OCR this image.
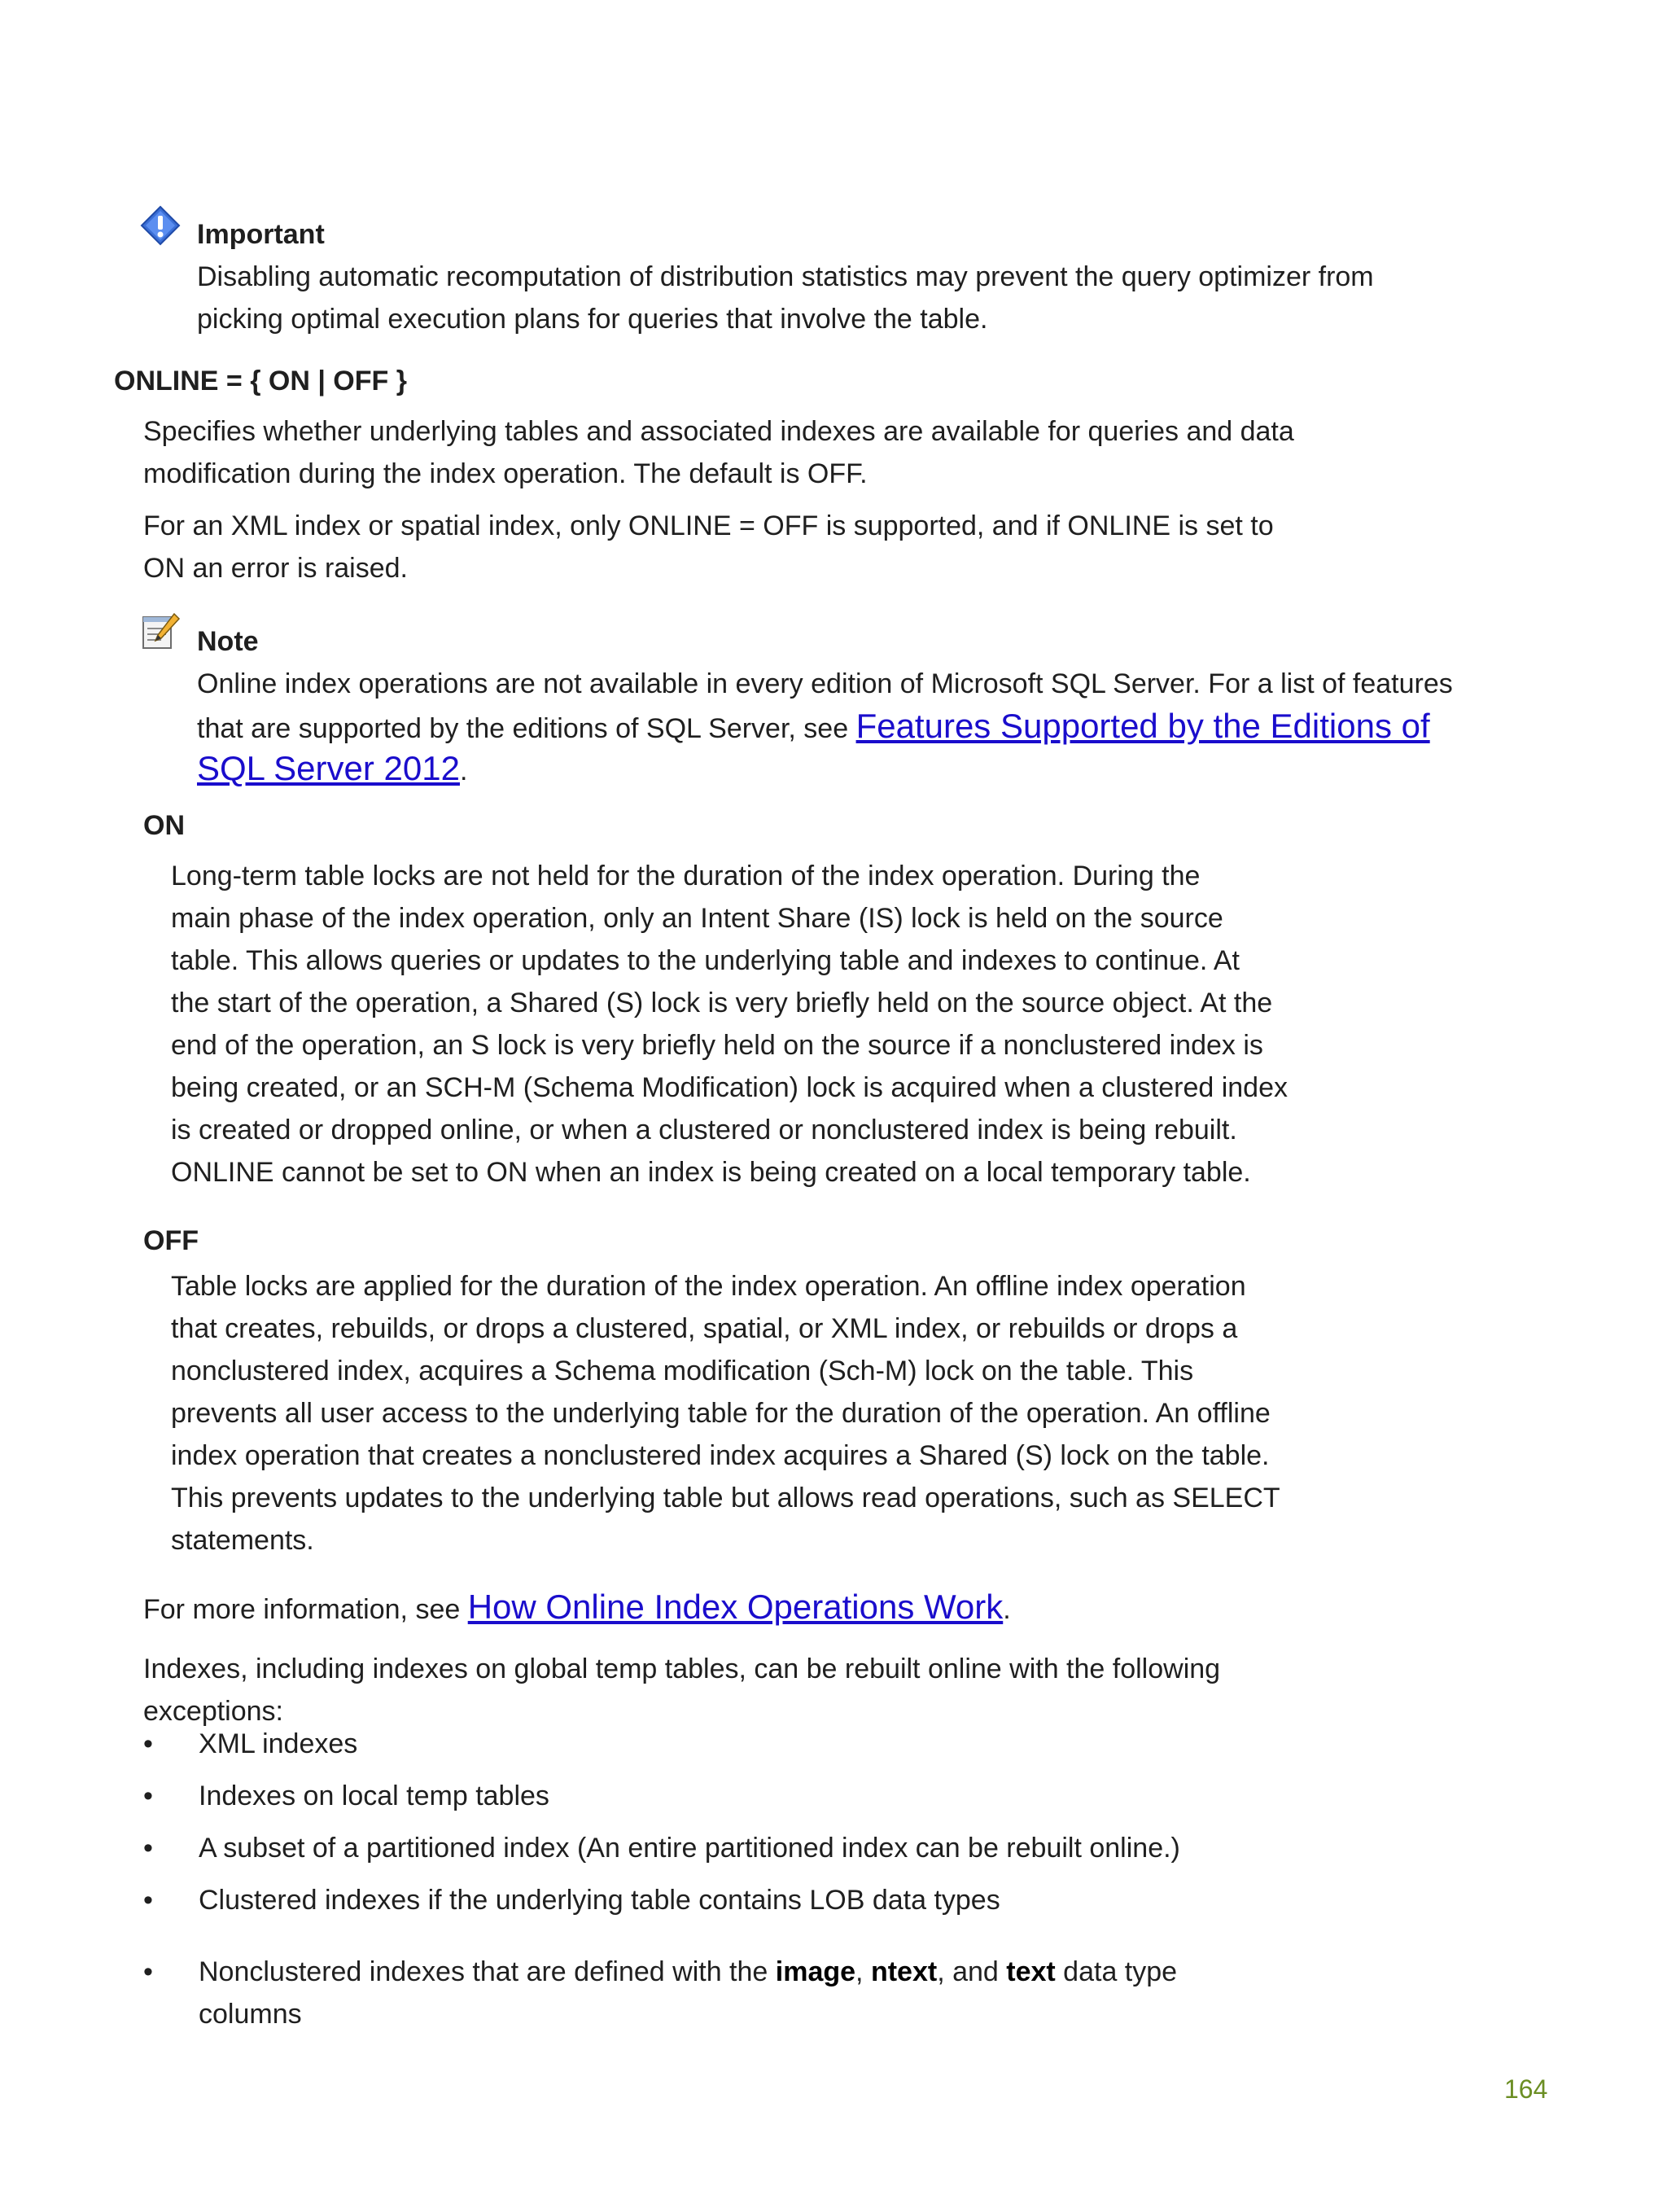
Important
Disabling automatic recomputation of distribution statistics may prevent the query optimizer from
picking optimal execution plans for queries that involve the table.
ONLINE = { ON | OFF }
Specifies whether underlying tables and associated indexes are available for queries and data
modification during the index operation. The default is OFF.
For an XML index or spatial index, only ONLINE = OFF is supported, and if ONLINE is set to
ON an error is raised.
Note
Online index operations are not available in every edition of Microsoft SQL Server. For a list of features
that are supported by the editions of SQL Server, see Features Supported by the Editions of
SQL Server 2012.
ON
Long-term table locks are not held for the duration of the index operation. During the
main phase of the index operation, only an Intent Share (IS) lock is held on the source
table. This allows queries or updates to the underlying table and indexes to continue. At
the start of the operation, a Shared (S) lock is very briefly held on the source object. At the
end of the operation, an S lock is very briefly held on the source if a nonclustered index is
being created, or an SCH-M (Schema Modification) lock is acquired when a clustered index
is created or dropped online, or when a clustered or nonclustered index is being rebuilt.
ONLINE cannot be set to ON when an index is being created on a local temporary table.
OFF
Table locks are applied for the duration of the index operation. An offline index operation
that creates, rebuilds, or drops a clustered, spatial, or XML index, or rebuilds or drops a
nonclustered index, acquires a Schema modification (Sch-M) lock on the table. This
prevents all user access to the underlying table for the duration of the operation. An offline
index operation that creates a nonclustered index acquires a Shared (S) lock on the table.
This prevents updates to the underlying table but allows read operations, such as SELECT
statements.
For more information, see How Online Index Operations Work.
Indexes, including indexes on global temp tables, can be rebuilt online with the following
exceptions:
•	XML indexes
•	Indexes on local temp tables
•	A subset of a partitioned index (An entire partitioned index can be rebuilt online.)
•	Clustered indexes if the underlying table contains LOB data types
•	Nonclustered indexes that are defined with the image, ntext, and text data type
columns
164
